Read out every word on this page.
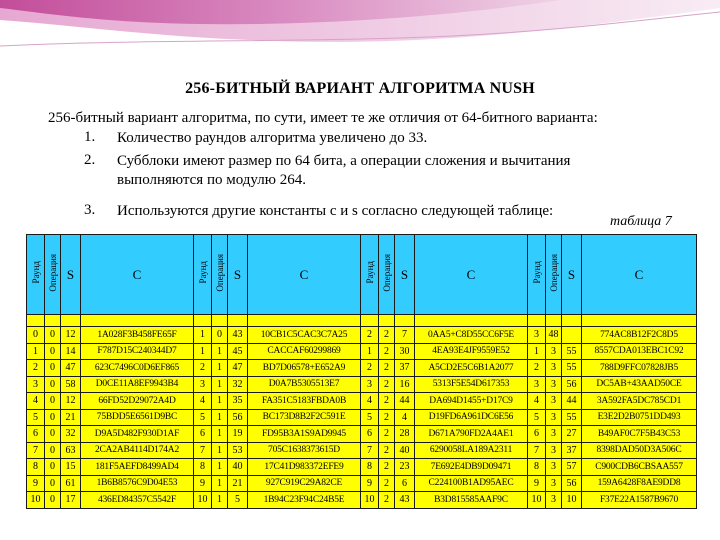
256-БИТНЫЙ ВАРИАНТ АЛГОРИТМА NUSH
256-битный вариант алгоритма, по сути, имеет те же отличия от 64-битного варианта:
1. Количество раундов алгоритма увеличено до 33.
2. Субблоки имеют размер по 64 бита, а операции сложения и вычитания
выполняются по модулю 264.
3. Используются другие константы c и s согласно следующей таблице:
таблица 7
Раунд	Операция	S	C	Раунд	Операция	S	C	Раунд	Операция	S	C	Раунд	Операция	S	C

0	0	12	1A028F3B458FE65F	1	0	43	10CB1C5CAC3C7A25	2	2	7	0AA5+C8D55CC6F5E	3	48		774AC8B12F2C8D5
1	0	14	F787D15C240344D7	1	1	45	CACCAF60299869	1	2	30	4EA93E4JF9559E52	1	3	55	8557CDA013EBC1C92
2	0	47	623C7496C0D6EF865	2	1	47	BD7D06578+E652A9	2	2	37	A5CD2E5C6B1A2077	2	3	55	788D9FFC07828JB5
3	0	58	D0CE11A8EF9943B4	3	1	32	D0A7B5305513E7	3	2	16	5313F5E54D617353	3	3	56	DC5AB+43AAD50CE
4	0	12	66FD52D29072A4D	4	1	35	FA351C5183FBDA0B	4	2	44	DA694D1455+D17C9	4	3	44	3A592FA5DC785CD1
5	0	21	75BDD5E6561D9BC	5	1	56	BC173D8B2F2C591E	5	2	4	D19FD6A961DC6E56	5	3	55	E3E2D2B0751DD493
6	0	32	D9A5D482F930D1AF	6	1	19	FD95B3A1S9AD9945	6	2	28	D671A790FD2A4AE1	6	3	27	B49AF0C7F5B43C53
7	0	63	2CA2AB4114D174A2	7	1	53	705C1638373615D	7	2	40	6290058LA189A2311	7	3	37	8398DAD50D3A506C
8	0	15	181F5AEFD8499AD4	8	1	40	17C41D983372EFE9	8	2	23	7E692E4DB9D09471	8	3	57	C900CDB6CBSAA557
9	0	61	1B6B8576C9D04E53	9	1	21	927C919C29A82CE	9	2	6	C224100B1AD95AEC	9	3	56	159A6428F8AE9DD8
10	0	17	436ED84357C5542F	10	1	5	1B94C23F94C24B5E	10	2	43	B3D815585AAF9C	10	3	10	F37E22A1587B9670
